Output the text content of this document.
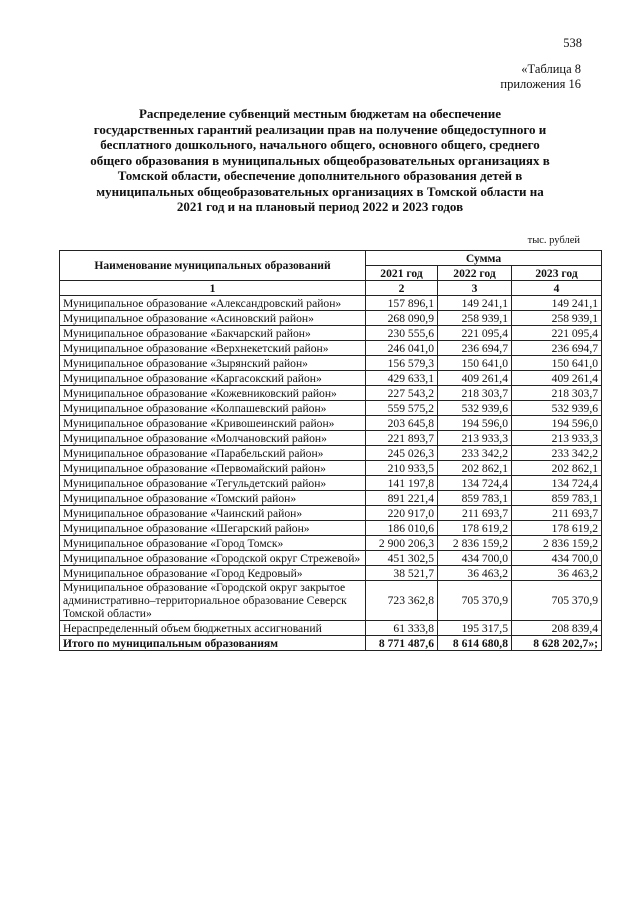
538
«Таблица 8
приложения 16
Распределение субвенций местным бюджетам на обеспечение
государственных гарантий реализации прав на получение общедоступного и
бесплатного дошкольного, начального общего, основного общего, среднего
общего образования в муниципальных общеобразовательных организациях в
Томской области, обеспечение дополнительного образования детей в
муниципальных общеобразовательных организациях в Томской области на
2021 год и на плановый период 2022 и 2023 годов
тыс. рублей
Наименование муниципальных образований	Сумма		
	2021 год	2022 год	2023 год
1	2	3	4
Муниципальное образование «Александровский район»	157 896,1	149 241,1	149 241,1
Муниципальное образование «Асиновский район»	268 090,9	258 939,1	258 939,1
Муниципальное образование «Бакчарский район»	230 555,6	221 095,4	221 095,4
Муниципальное образование «Верхнекетский район»	246 041,0	236 694,7	236 694,7
Муниципальное образование «Зырянский район»	156 579,3	150 641,0	150 641,0
Муниципальное образование «Каргасокский район»	429 633,1	409 261,4	409 261,4
Муниципальное образование «Кожевниковский район»	227 543,2	218 303,7	218 303,7
Муниципальное образование «Колпашевский район»	559 575,2	532 939,6	532 939,6
Муниципальное образование «Кривошеинский район»	203 645,8	194 596,0	194 596,0
Муниципальное образование «Молчановский район»	221 893,7	213 933,3	213 933,3
Муниципальное образование «Парабельский район»	245 026,3	233 342,2	233 342,2
Муниципальное образование «Первомайский район»	210 933,5	202 862,1	202 862,1
Муниципальное образование «Тегульдетский район»	141 197,8	134 724,4	134 724,4
Муниципальное образование «Томский район»	891 221,4	859 783,1	859 783,1
Муниципальное образование «Чаинский район»	220 917,0	211 693,7	211 693,7
Муниципальное образование «Шегарский район»	186 010,6	178 619,2	178 619,2
Муниципальное образование «Город Томск»	2 900 206,3	2 836 159,2	2 836 159,2
Муниципальное образование «Городской округ Стрежевой»	451 302,5	434 700,0	434 700,0
Муниципальное образование «Город Кедровый»	38 521,7	36 463,2	36 463,2
Муниципальное образование «Городской округ закрытое административно–территориальное образование Северск Томской области»	723 362,8	705 370,9	705 370,9
Нераспределенный объем бюджетных ассигнований	61 333,8	195 317,5	208 839,4
Итого по муниципальным образованиям	8 771 487,6	8 614 680,8	8 628 202,7»;
